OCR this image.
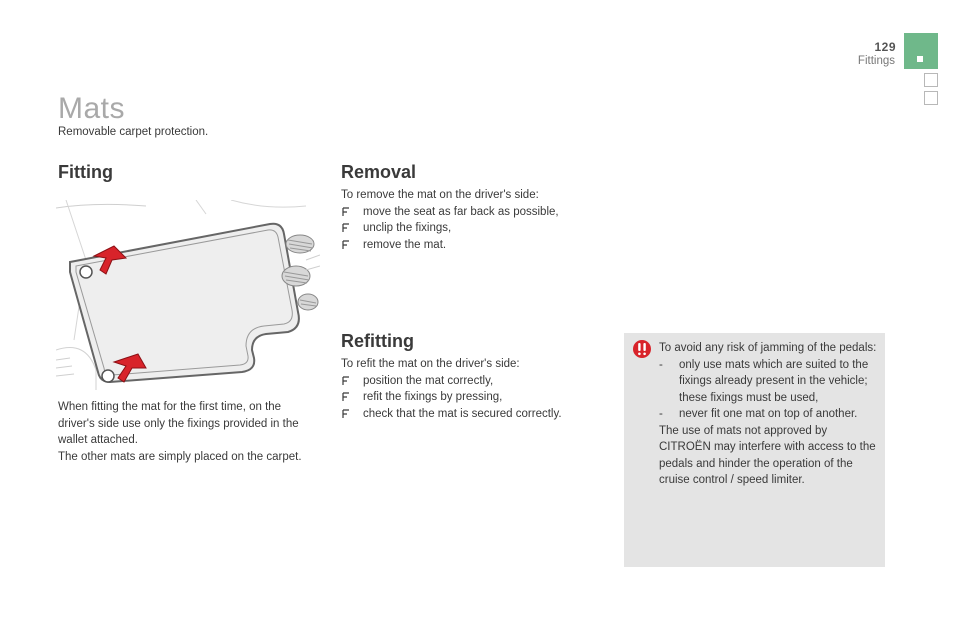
129
Fittings
Mats
Removable carpet protection.
Fitting
When fitting the mat for the first time, on the driver's side use only the fixings provided in the wallet attached.
The other mats are simply placed on the carpet.
Removal
To remove the mat on the driver's side:
move the seat as far back as possible,
unclip the fixings,
remove the mat.
Refitting
To refit the mat on the driver's side:
position the mat correctly,
refit the fixings by pressing,
check that the mat is secured correctly.
To avoid any risk of jamming of the pedals:
- only use mats which are suited to the fixings already present in the vehicle; these fixings must be used,
- never fit one mat on top of another.
The use of mats not approved by CITROËN may interfere with access to the pedals and hinder the operation of the cruise control / speed limiter.
